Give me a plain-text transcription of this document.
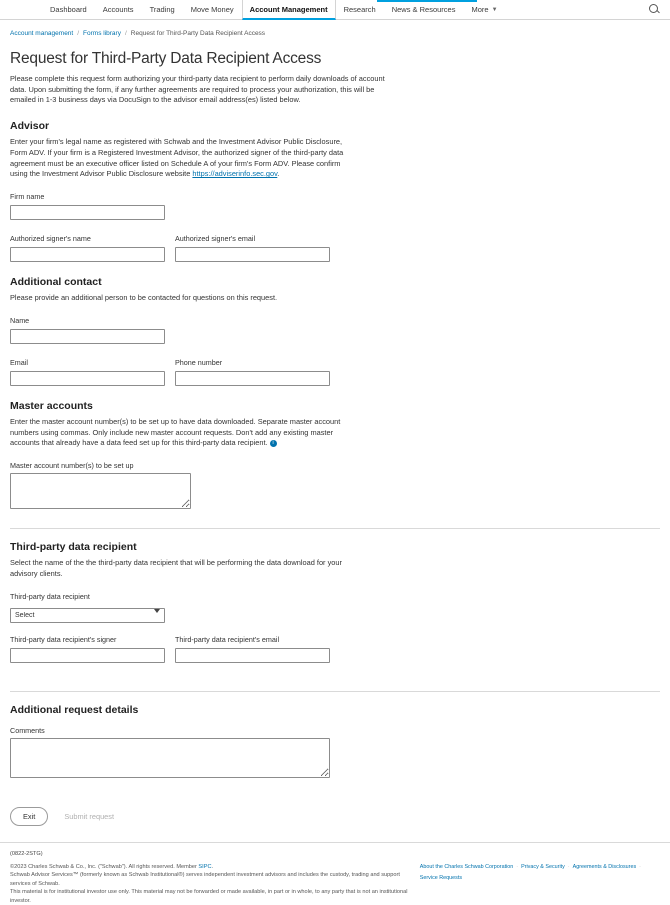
Dashboard Accounts Trading Move Money Account Management Research News & Resources More ▼
Account management / Forms library / Request for Third-Party Data Recipient Access
Request for Third-Party Data Recipient Access
Please complete this request form authorizing your third-party data recipient to perform daily downloads of account data. Upon submitting the form, if any further agreements are required to process your authorization, this will be emailed in 1-3 business days via DocuSign to the advisor email address(es) listed below.
Advisor
Enter your firm's legal name as registered with Schwab and the Investment Advisor Public Disclosure, Form ADV. If your firm is a Registered Investment Advisor, the authorized signer of the third-party data agreement must be an executive officer listed on Schedule A of your firm's Form ADV. Please confirm using the Investment Advisor Public Disclosure website https://adviserinfo.sec.gov.
Firm name
Authorized signer's name	Authorized signer's email
Additional contact
Please provide an additional person to be contacted for questions on this request.
Name
Email	Phone number
Master accounts
Enter the master account number(s) to be set up to have data downloaded. Separate master account numbers using commas. Only include new master account requests. Don't add any existing master accounts that already have a data feed set up for this third-party data recipient. i
Master account number(s) to be set up
Third-party data recipient
Select the name of the the third-party data recipient that will be performing the data download for your advisory clients.
Third-party data recipient
Select
Third-party data recipient's signer	Third-party data recipient's email
Additional request details
Comments
Exit	Submit request
(0822-2STG)
©2023 Charles Schwab & Co., Inc. ("Schwab"). All rights reserved. Member SIPC.
Schwab Advisor Services™ (formerly known as Schwab Institutional®) serves independent investment advisors and includes the custody, trading and support services of Schwab.
This material is for institutional investor use only. This material may not be forwarded or made available, in part or in whole, to any party that is not an institutional investor.
About the Charles Schwab Corporation · Privacy & Security · Agreements & Disclosures ·
Service Requests
